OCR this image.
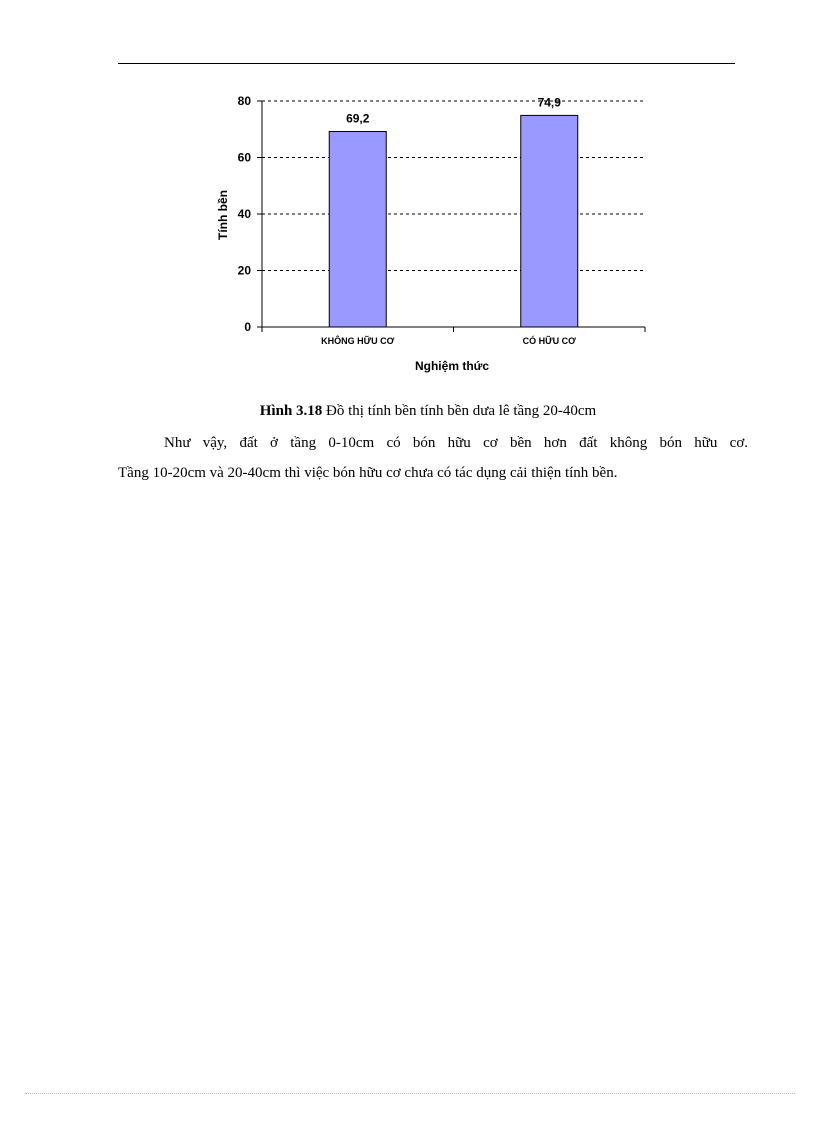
0
20
40
60
80
KHÔNG HỮU CƠ	CÓ HỮU CƠ
69,2
74,9
Nghiệm thức
Tính bền
Hình 3.18 Đồ thị tính bền tính bền dưa lê tầng 20-40cm
Như vậy, đất ở tầng 0-10cm có bón hữu cơ bền hơn đất không bón hữu cơ.
Tầng 10-20cm và 20-40cm thì việc bón hữu cơ chưa có tác dụng cải thiện tính bền.
